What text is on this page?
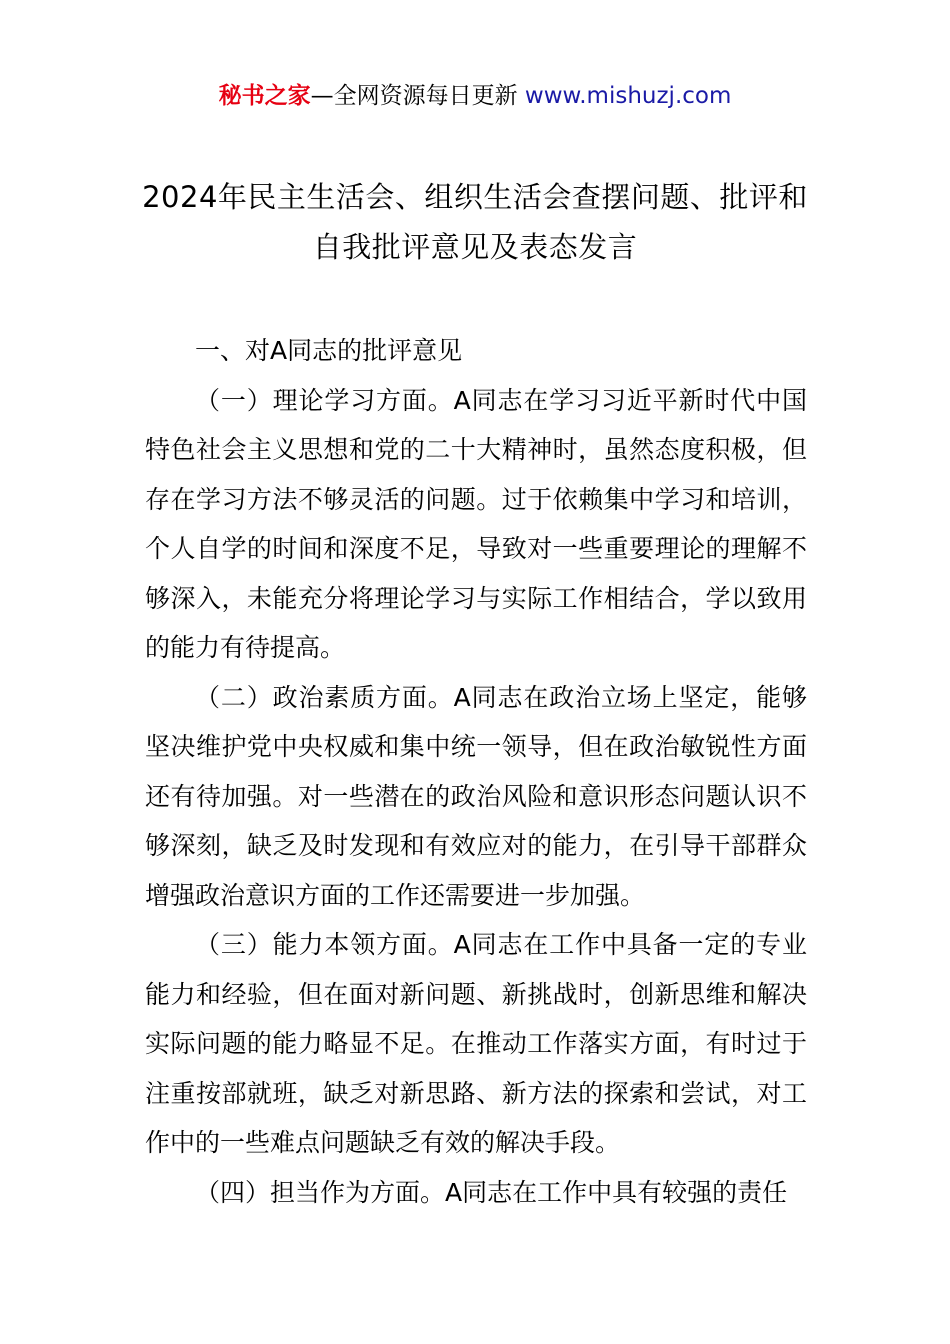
秘书之家—全网资源每日更新 www.mishuzj.com
2024年民主生活会、组织生活会查摆问题、批评和自我批评意见及表态发言

一、对A同志的批评意见

（一）理论学习方面。A同志在学习习近平新时代中国特色社会主义思想和党的二十大精神时，虽然态度积极，但存在学习方法不够灵活的问题。过于依赖集中学习和培训，个人自学的时间和深度不足，导致对一些重要理论的理解不够深入，未能充分将理论学习与实际工作相结合，学以致用的能力有待提高。

（二）政治素质方面。A同志在政治立场上坚定，能够坚决维护党中央权威和集中统一领导，但在政治敏锐性方面还有待加强。对一些潜在的政治风险和意识形态问题认识不够深刻，缺乏及时发现和有效应对的能力，在引导干部群众增强政治意识方面的工作还需要进一步加强。

（三）能力本领方面。A同志在工作中具备一定的专业能力和经验，但在面对新问题、新挑战时，创新思维和解决实际问题的能力略显不足。在推动工作落实方面，有时过于注重按部就班，缺乏对新思路、新方法的探索和尝试，对工作中的一些难点问题缺乏有效的解决手段。

（四）担当作为方面。A同志在工作中具有较强的责任
